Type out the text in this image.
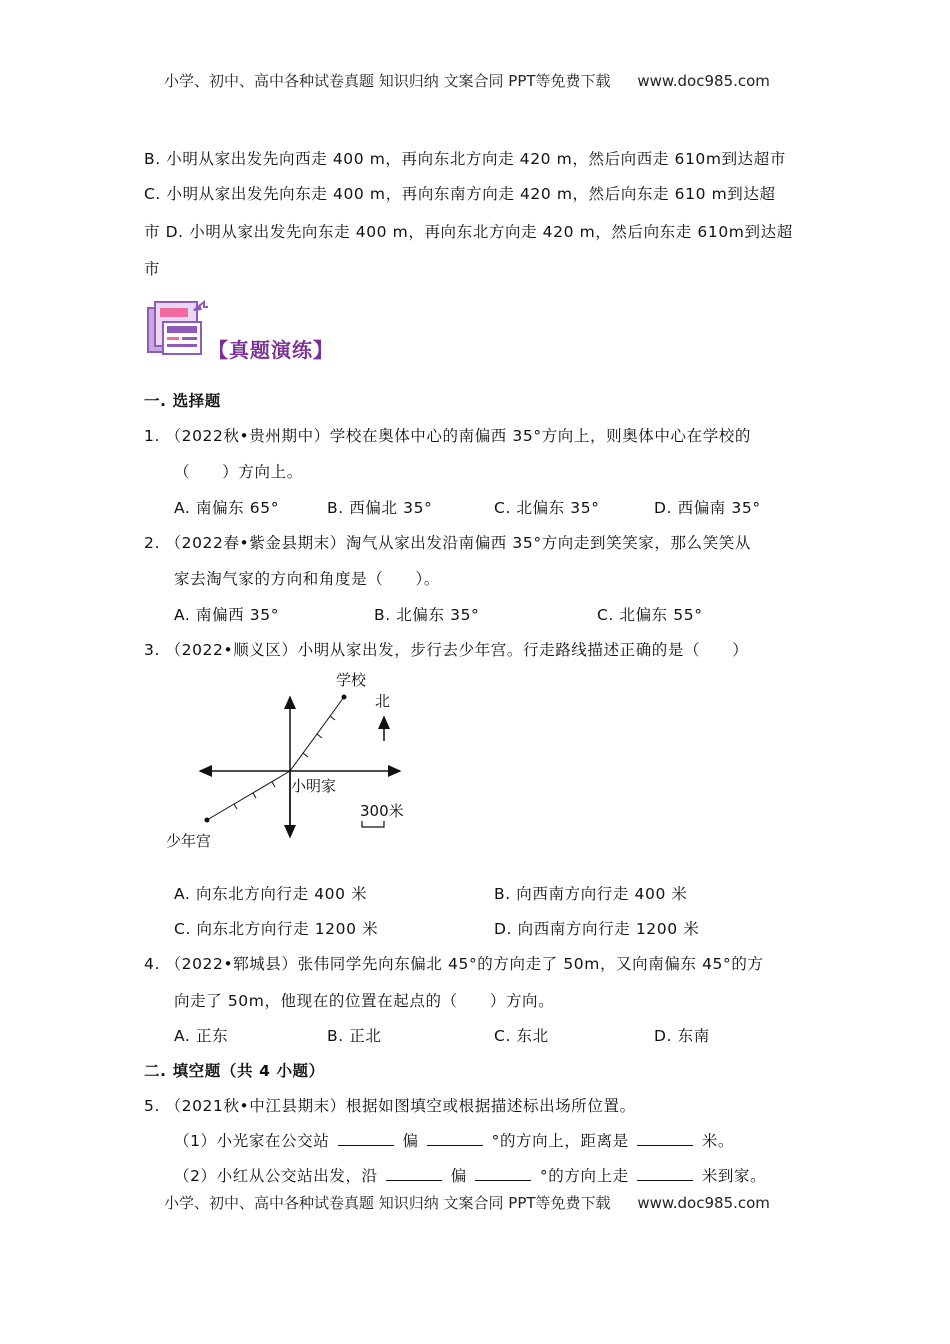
小学、初中、高中各种试卷真题 知识归纳 文案合同 PPT等免费下载 www.doc985.com
B. 小明从家出发先向西走 400 m，再向东北方向走 420 m，然后向西走 610m到达超市
C. 小明从家出发先向东走 400 m，再向东南方向走 420 m，然后向东走 610 m到达超
市 D. 小明从家出发先向东走 400 m，再向东北方向走 420 m，然后向东走 610m到达超
市
【真题演练】
一. 选择题
1. （2022秋•贵州期中）学校在奥体中心的南偏西 35°方向上，则奥体中心在学校的
（　　）方向上。
A. 南偏东 65°	B. 西偏北 35°	C. 北偏东 35°	D. 西偏南 35°
2. （2022春•紫金县期末）淘气从家出发沿南偏西 35°方向走到笑笑家，那么笑笑从
家去淘气家的方向和角度是（　　）。
A. 南偏西 35°	B. 北偏东 35°	C. 北偏东 55°
3. （2022•顺义区）小明从家出发，步行去少年宫。行走路线描述正确的是（　　）
学校
北
小明家
300米
少年宫
A. 向东北方向行走 400 米	B. 向西南方向行走 400 米
C. 向东北方向行走 1200 米	D. 向西南方向行走 1200 米
4. （2022•郓城县）张伟同学先向东偏北 45°的方向走了 50m，又向南偏东 45°的方
向走了 50m，他现在的位置在起点的（　　）方向。
A. 正东	B. 正北	C. 东北	D. 东南
二. 填空题（共 4 小题）
5. （2021秋•中江县期末）根据如图填空或根据描述标出场所位置。
（1）小光家在公交站	偏	°的方向上，距离是	米。
（2）小红从公交站出发，沿	偏	°的方向上走	米到家。
小学、初中、高中各种试卷真题 知识归纳 文案合同 PPT等免费下载 www.doc985.com
